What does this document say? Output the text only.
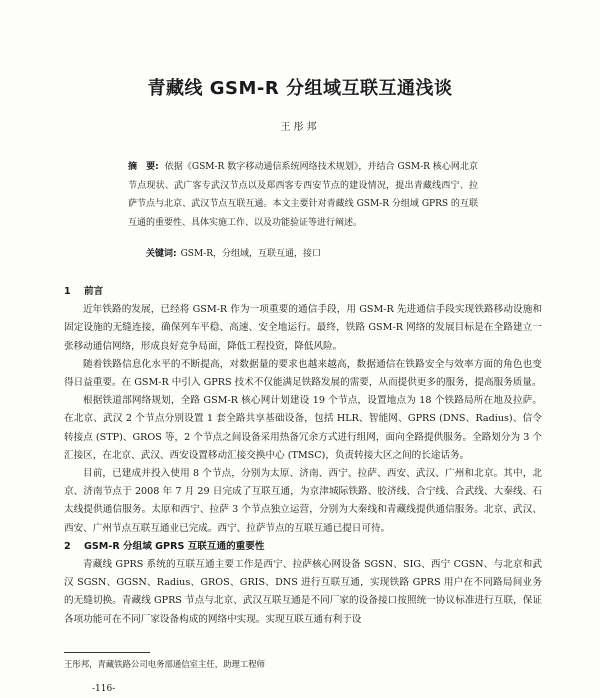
青藏线 GSM-R 分组域互联互通浅谈
王彤邦
摘　要: 依据《GSM-R 数字移动通信系统网络技术规划》，并结合 GSM-R 核心网北京节点现状、武广客专武汉节点以及郑西客专西安节点的建设情况，提出青藏线西宁、拉萨节点与北京、武汉节点互联互通。本文主要针对青藏线 GSM-R 分组域 GPRS 的互联互通的重要性、具体实施工作、以及功能验证等进行阐述。
关键词: GSM-R，分组域，互联互通，接口
1 前言

近年铁路的发展，已经将 GSM-R 作为一项重要的通信手段，用 GSM-R 先进通信手段实现铁路移动设施和固定设施的无缝连接，确保列车平稳、高速、安全地运行。最终，铁路 GSM-R 网络的发展目标是在全路建立一张移动通信网络，形成良好竞争局面，降低工程投资，降低风险。

随着铁路信息化水平的不断提高，对数据量的要求也越来越高，数据通信在铁路安全与效率方面的角色也变得日益重要。在 GSM-R 中引入 GPRS 技术不仅能满足铁路发展的需要，从而提供更多的服务，提高服务质量。

根据铁道部网络规划，全路 GSM-R 核心网计划建设 19 个节点，设置地点为 18 个铁路局所在地及拉萨。在北京、武汉 2 个节点分别设置 1 套全路共享基础设备，包括 HLR、智能网、GPRS (DNS、Radius)、信令转接点 (STP)、GROS 等，2 个节点之间设备采用热备冗余方式进行组网，面向全路提供服务。全路划分为 3 个汇接区，在北京、武汉、西安设置移动汇接交换中心 (TMSC)，负责转接大区之间的长途话务。

目前，已建成并投入使用 8 个节点，分别为太原、济南、西宁、拉萨、西安、武汉、广州和北京。其中，北京、济南节点于 2008 年 7 月 29 日完成了互联互通，为京津城际铁路、胶济线、合宁线、合武线、大秦线、石太线提供通信服务。太原和西宁、拉萨 3 个节点独立运营，分别为大秦线和青藏线提供通信服务。北京、武汉、西安、广州节点互联互通业已完成。西宁、拉萨节点的互联互通已提日可待。

2 GSM-R 分组域 GPRS 互联互通的重要性

青藏线 GPRS 系统的互联互通主要工作是西宁、拉萨核心网设备 SGSN、SIG、西宁 CGSN、与北京和武汉 SGSN、GGSN、Radius、GROS、GRIS、DNS 进行互联互通，实现铁路 GPRS 用户在不同路局间业务的无缝切换。青藏线 GPRS 节点与北京、武汉互联互通是不同厂家的设备接口按照统一协议标准进行互联，保证各项功能可在不同厂家设备构成的网络中实现。实现互联互通有利于设

王彤邦，青藏铁路公司电务部通信室主任，助理工程师
-116-
